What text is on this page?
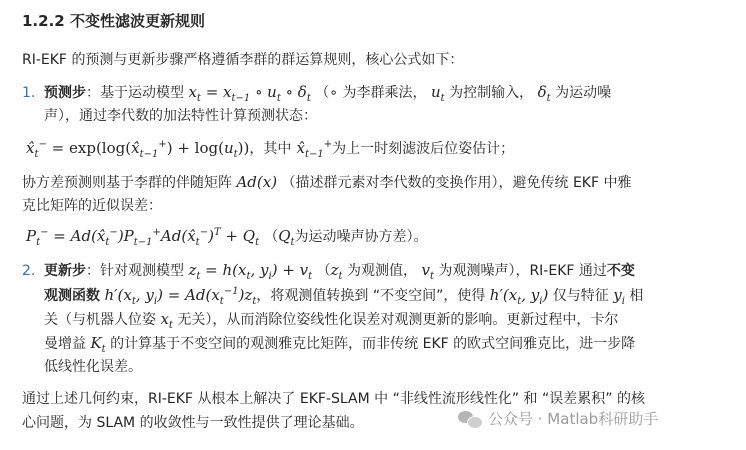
1.2.2 不变性滤波更新规则
RI-EKF 的预测与更新步骤严格遵循李群的群运算规则，核心公式如下：
1. 预测步：基于运动模型 $x_t = x_{t-1}$ ∘ $u_t$ ∘ $\delta_t$ （∘ 为李群乘法， $u_t$ 为控制输入， $\delta_t$ 为运动噪
声），通过李代数的加法特性计算预测状态：
$x̂_t^-$ = $\exp(\log(x̂_{t-1}^+) + \log(u_t))$，其中 $x̂_{t-1}^+$为上一时刻滤波后位姿估计；
协方差预测则基于李群的伴随矩阵 Ad(x) （描述群元素对李代数的变换作用），避免传统 EKF 中雅
克比矩阵的近似误差：
$P_t^-$ = $Ad(x̂_t^-)P_{t-1}^+Ad(x̂_t^-)^T + Q_t$ （$Q_t$为运动噪声协方差）。
2. 更新步：针对观测模型 $z_t = h(x_t$, $y_i) + v_t$ （$z_t$ 为观测值， $v_t$ 为观测噪声），RI-EKF 通过不变
观测函数 $h'(x_t$, $y_i) = Ad(x_t^{-1})z_t$，将观测值转换到 “不变空间”，使得 $h'(x_t$, $y_i$) 仅与特征 $y_i$ 相
关（与机器人位姿 $x_t$ 无关），从而消除位姿线性化误差对观测更新的影响。更新过程中，卡尔
曼增益 $K_t$ 的计算基于不变空间的观测雅克比矩阵，而非传统 EKF 的欧式空间雅克比，进一步降
低线性化误差。
通过上述几何约束，RI-EKF 从根本上解决了 EKF-SLAM 中 “非线性流形线性化” 和 “误差累积” 的核
心问题，为 SLAM 的收敛性与一致性提供了理论基础。	公众号 · Matlab科研助手
